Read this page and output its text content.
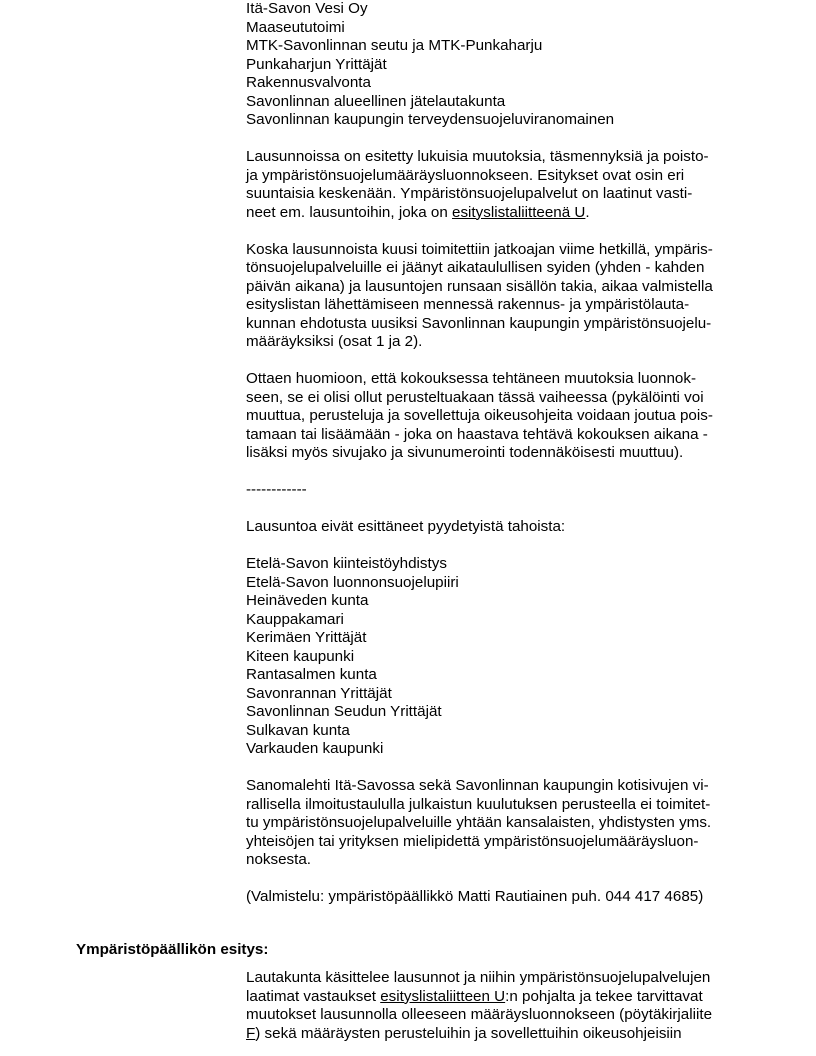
Itä-Savon Vesi Oy
Maaseututoimi
MTK-Savonlinnan seutu ja MTK-Punkaharju
Punkaharjun Yrittäjät
Rakennusvalvonta
Savonlinnan alueellinen jätelautakunta
Savonlinnan kaupungin terveydensuojeluviranomainen
Lausunnoissa on esitetty lukuisia muutoksia, täsmennyksiä ja poisto-
ja ympäristönsuojelumääräysluonnokseen. Esitykset ovat osin eri
suuntaisia keskenään. Ympäristönsuojelupalvelut on laatinut vasti-
neet em. lausuntoihin, joka on esityslistaliitteenä U.
Koska lausunnoista kuusi toimitettiin jatkoajan viime hetkillä, ympäris-
tönsuojelupalveluille ei jäänyt aikataulullisen syiden (yhden - kahden
päivän aikana) ja lausuntojen runsaan sisällön takia, aikaa valmistella
esityslistan lähettämiseen mennessä rakennus- ja ympäristölauta-
kunnan ehdotusta uusiksi Savonlinnan kaupungin ympäristönsuojelu-
määräyksiksi (osat 1 ja 2).
Ottaen huomioon, että kokouksessa tehtäneen muutoksia luonnok-
seen, se ei olisi ollut perusteltuakaan tässä vaiheessa (pykälöinti voi
muuttua, perusteluja ja sovellettuja oikeusohjeita voidaan joutua pois-
tamaan tai lisäämään - joka on haastava tehtävä kokouksen aikana -
lisäksi myös sivujako ja sivunumerointi todennäköisesti muuttuu).
------------
Lausuntoa eivät esittäneet pyydetyistä tahoista:
Etelä-Savon kiinteistöyhdistys
Etelä-Savon luonnonsuojelupiiri
Heinäveden kunta
Kauppakamari
Kerimäen Yrittäjät
Kiteen kaupunki
Rantasalmen kunta
Savonrannan Yrittäjät
Savonlinnan Seudun Yrittäjät
Sulkavan kunta
Varkauden kaupunki
Sanomalehti Itä-Savossa sekä Savonlinnan kaupungin kotisivujen vi-
rallisella ilmoitustaululla julkaistun kuulutuksen perusteella ei toimitet-
tu ympäristönsuojelupalveluille yhtään kansalaisten, yhdistysten yms.
yhteisöjen tai yrityksen mielipidettä ympäristönsuojelumääräysluon-
noksesta.
(Valmistelu: ympäristöpäällikkö Matti Rautiainen puh. 044 417 4685)
Ympäristöpäällikön esitys:
Lautakunta käsittelee lausunnot ja niihin ympäristönsuojelupalvelujen
laatimat vastaukset esityslistaliitteen U:n pohjalta ja tekee tarvittavat
muutokset lausunnolla olleeseen määräysluonnokseen (pöytäkirjaliite
F) sekä määräysten perusteluihin ja sovellettuihin oikeusohjeisiin
